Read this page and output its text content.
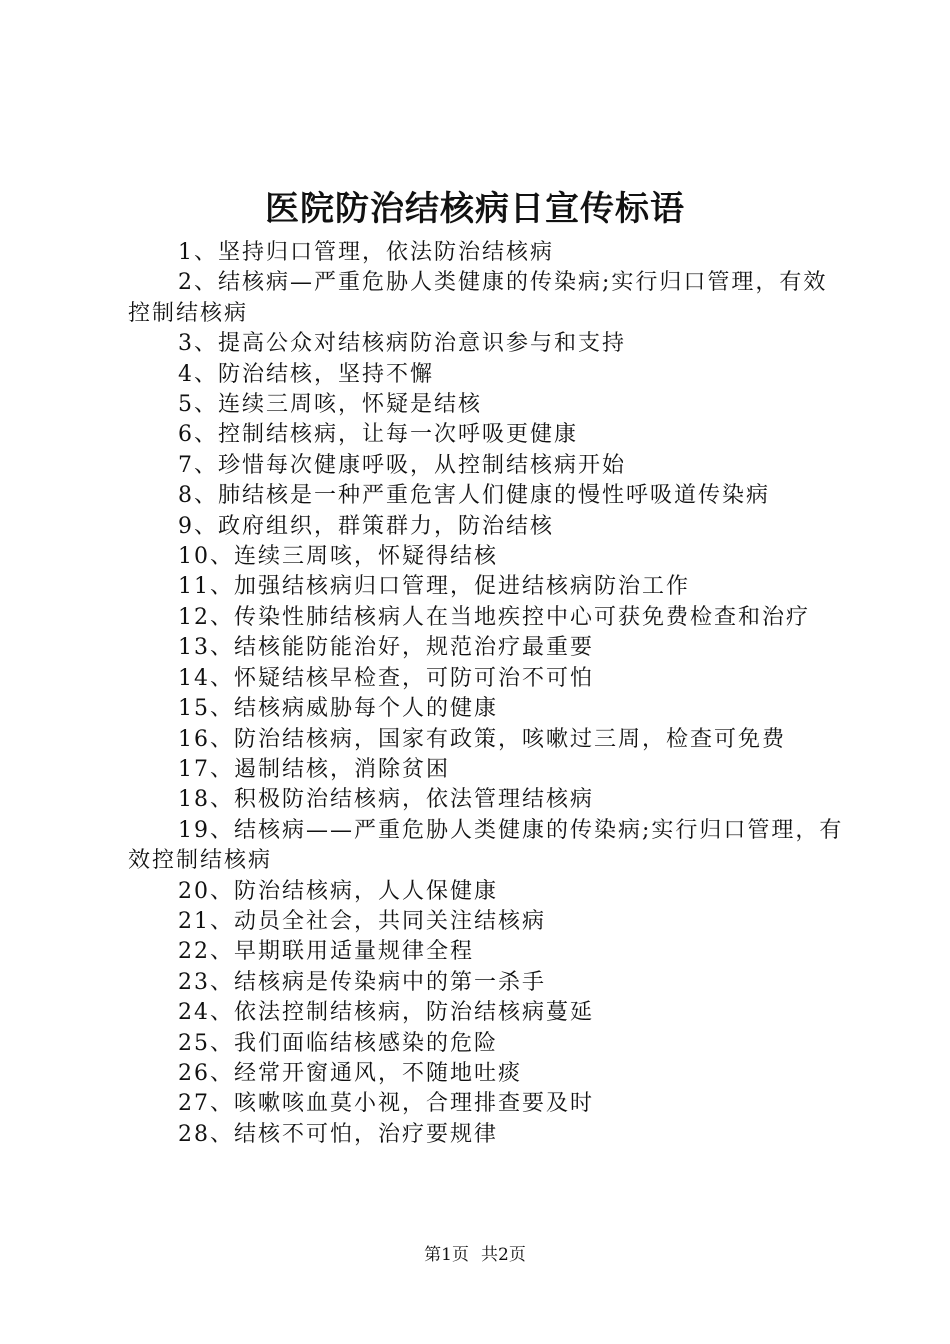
医院防治结核病日宣传标语

1、坚持归口管理，依法防治结核病

2、结核病—严重危胁人类健康的传染病;实行归口管理，有效控制结核病

3、提高公众对结核病防治意识参与和支持

4、防治结核，坚持不懈

5、连续三周咳，怀疑是结核

6、控制结核病，让每一次呼吸更健康

7、珍惜每次健康呼吸，从控制结核病开始

8、肺结核是一种严重危害人们健康的慢性呼吸道传染病

9、政府组织，群策群力，防治结核

10、连续三周咳，怀疑得结核

11、加强结核病归口管理，促进结核病防治工作

12、传染性肺结核病人在当地疾控中心可获免费检查和治疗

13、结核能防能治好，规范治疗最重要

14、怀疑结核早检查，可防可治不可怕

15、结核病威胁每个人的健康

16、防治结核病，国家有政策，咳嗽过三周，检查可免费

17、遏制结核，消除贫困

18、积极防治结核病，依法管理结核病

19、结核病——严重危胁人类健康的传染病;实行归口管理，有效控制结核病

20、防治结核病，人人保健康

21、动员全社会，共同关注结核病

22、早期联用适量规律全程

23、结核病是传染病中的第一杀手

24、依法控制结核病，防治结核病蔓延

25、我们面临结核感染的危险

26、经常开窗通风，不随地吐痰

27、咳嗽咳血莫小视，合理排查要及时

28、结核不可怕，治疗要规律

第1页 共2页
